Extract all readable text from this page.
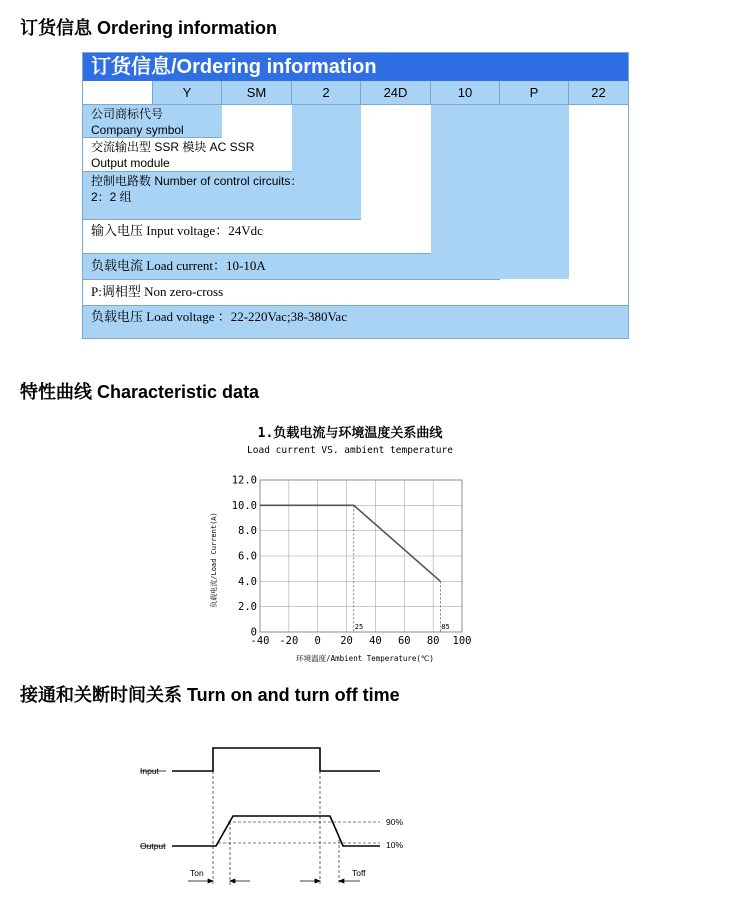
订货信息 Ordering information
订货信息/Ordering information
Y	SM	2	24D	10	P	22
公司商标代号
Company symbol
交流输出型 SSR 模块 AC SSR
Output module
控制电路数 Number of control circuits：
2：2 组
输入电压 Input voltage：24Vdc
负载电流 Load current：10-10A
P:调相型 Non zero-cross
负载电压 Load voltage ：22-220Vac;38-380Vac
特性曲线 Characteristic data
1.负载电流与环境温度关系曲线
Load current VS. ambient temperature
负载电流/Load Current(A)
环境温度/Ambient Temperature(℃)
0
2.0
4.0
6.0
8.0
10.0
12.0
-40 -20 0 20 40 60 80 100
25	85
接通和关断时间关系 Turn on and turn off time
Input
Output
90%
10%
Ton	Toff
